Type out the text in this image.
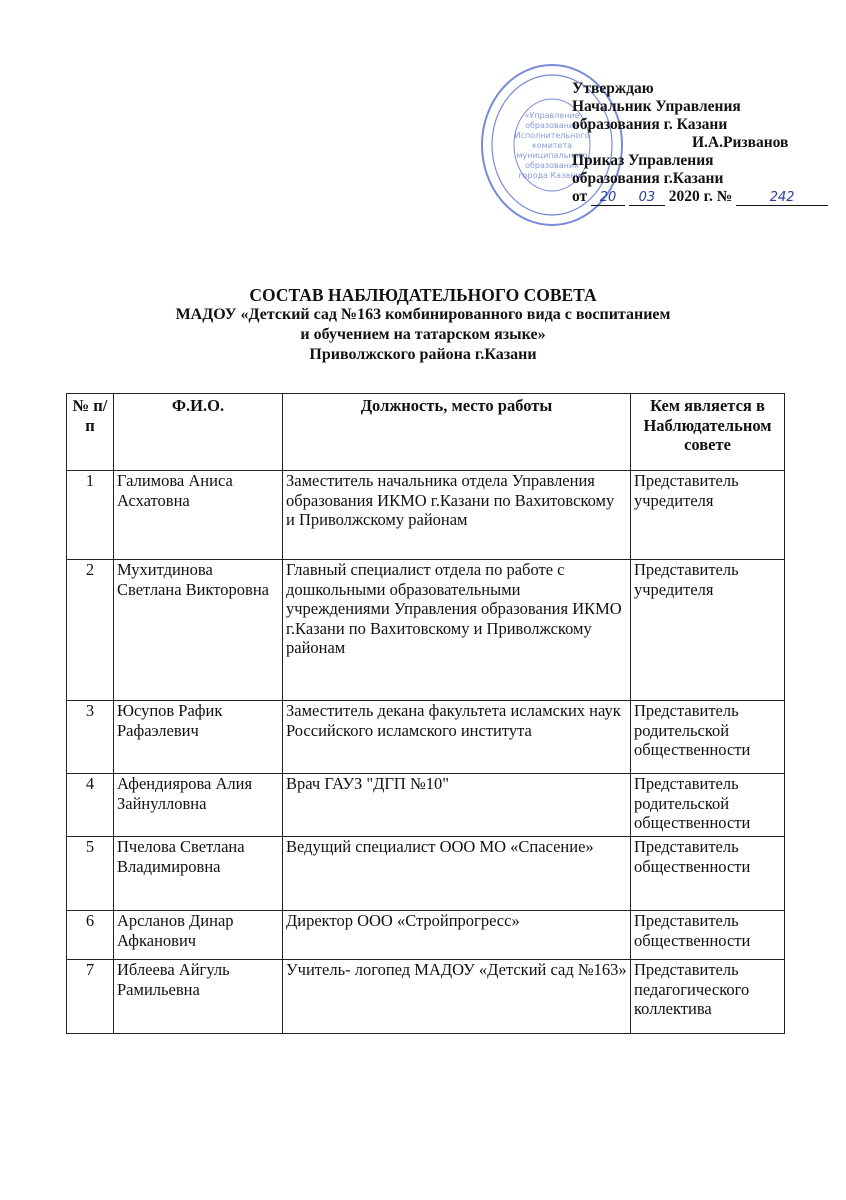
«Управление
образования
Исполнительного
комитета
муниципального
образования
города Казани»
Утверждаю
Начальник Управления
образования г. Казани
И.А.Ризванов
Приказ Управления
образования г.Казани
от 20 03 2020 г. №	242
СОСТАВ НАБЛЮДАТЕЛЬНОГО СОВЕТА
МАДОУ «Детский сад №163 комбинированного вида с воспитанием
и обучением на татарском языке»
Приволжского района г.Казани
№ п/п	Ф.И.О.	Должность, место работы	Кем является в Наблюдательном совете
1	Галимова Аниса Асхатовна	Заместитель начальника отдела Управления образования ИКМО г.Казани по Вахитовскому и Приволжскому районам	Представитель учредителя
2	Мухитдинова Светлана Викторовна	Главный специалист отдела по работе с дошкольными образовательными учреждениями Управления образования ИКМО г.Казани по Вахитовскому и Приволжскому районам	Представитель учредителя
3	Юсупов Рафик Рафаэлевич	Заместитель декана факультета исламских наук Российского исламского института	Представитель родительской общественности
4	Афендиярова Алия Зайнулловна	Врач ГАУЗ "ДГП №10"	Представитель родительской общественности
5	Пчелова Светлана Владимировна	Ведущий специалист ООО МО «Спасение»	Представитель общественности
6	Арсланов Динар Афканович	Директор ООО «Стройпрогресс»	Представитель общественности
7	Иблеева Айгуль Рамильевна	Учитель- логопед МАДОУ «Детский сад №163»	Представитель педагогического коллектива
